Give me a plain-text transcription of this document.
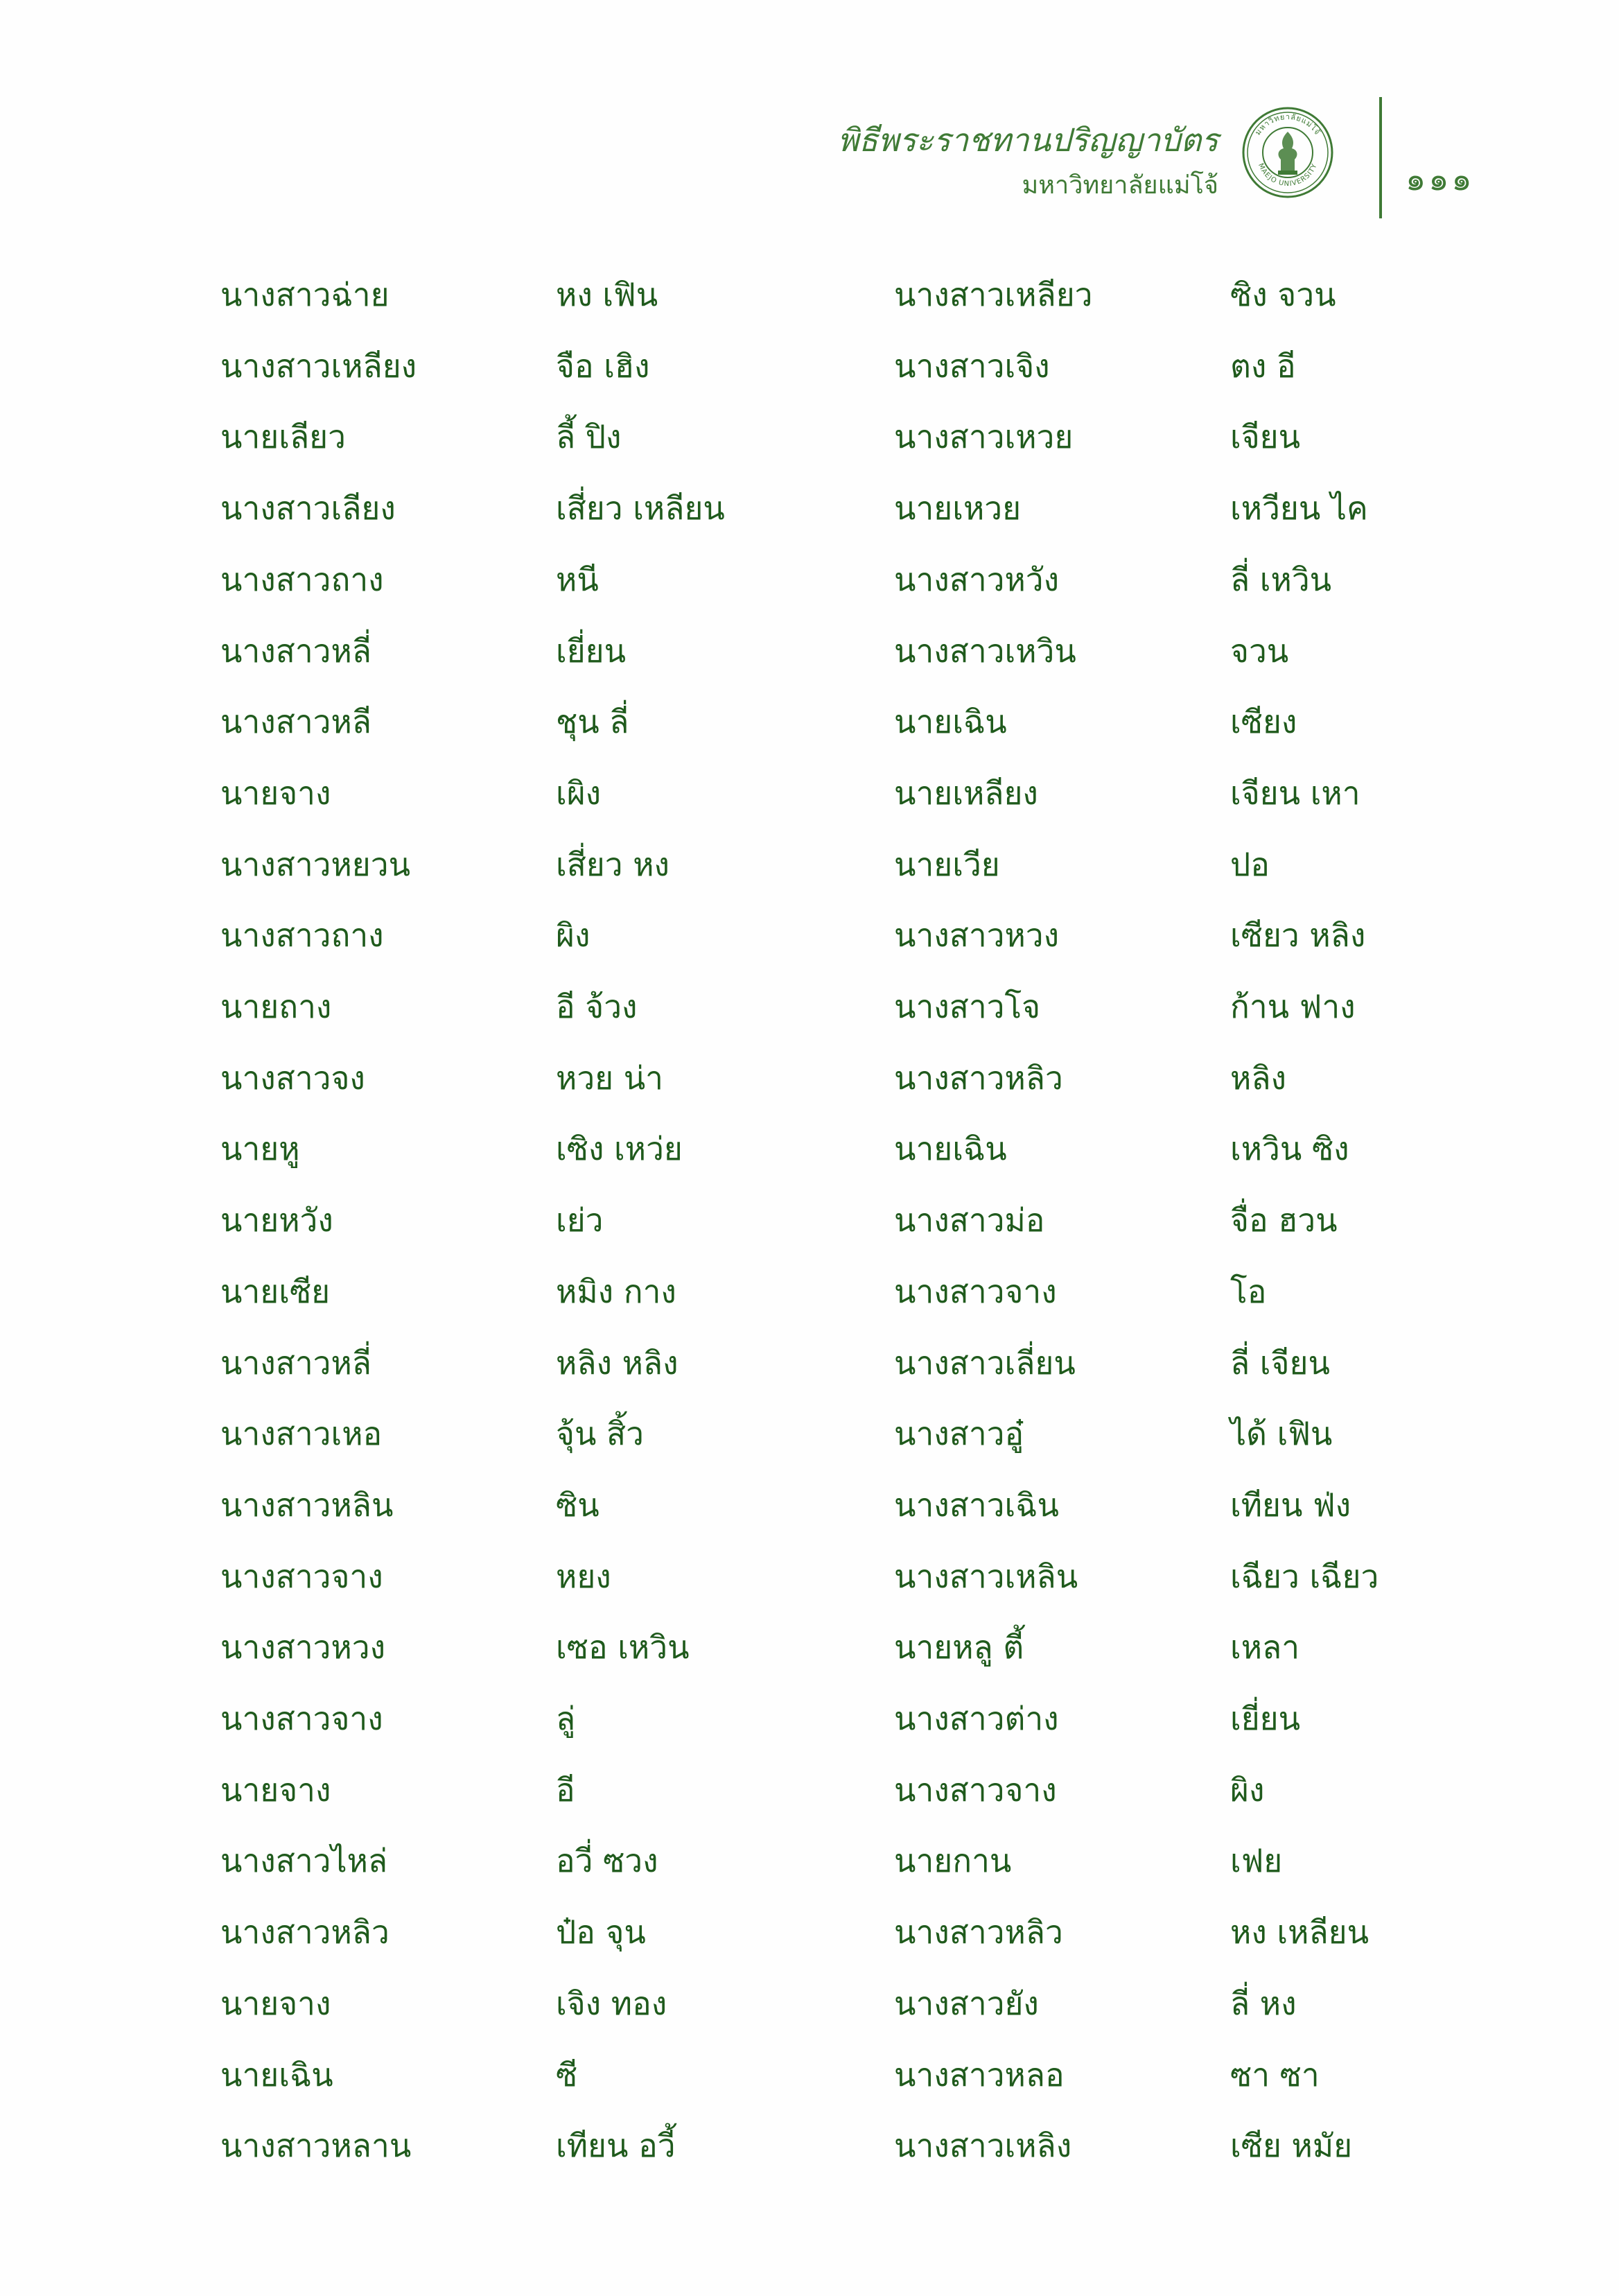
พิธีพระราชทานปริญญาบัตร
มหาวิทยาลัยแม่โจ้
มหาวิทยาลัยแม่โจ้
MAEJO UNIVERSITY	๑๑๑
นางสาวฉ่าย	หง เฟิน	นางสาวเหลียว	ซิง จวน
นางสาวเหลียง	จือ เฮิง	นางสาวเจิง	ตง อี
นายเลียว	ลี้ ปิง	นางสาวเหวย	เจียน
นางสาวเลียง	เสี่ยว เหลียน	นายเหวย	เหวียน ไค
นางสาวถาง	หนี	นางสาวหวัง	ลี่ เหวิน
นางสาวหลี่	เยี่ยน	นางสาวเหวิน	จวน
นางสาวหลี	ชุน ลี่	นายเฉิน	เซียง
นายจาง	เผิง	นายเหลียง	เจียน เหา
นางสาวหยวน	เสี่ยว หง	นายเวีย	ปอ
นางสาวถาง	ผิง	นางสาวหวง	เซียว หลิง
นายถาง	อี จ้วง	นางสาวโจ	ก้าน ฟาง
นางสาวจง	หวย น่า	นางสาวหลิว	หลิง
นายหู	เซิง เหว่ย	นายเฉิน	เหวิน ซิง
นายหวัง	เย่ว	นางสาวม่อ	จื่อ ฮวน
นายเซีย	หมิง กาง	นางสาวจาง	โอ
นางสาวหลี่	หลิง หลิง	นางสาวเลี่ยน	ลี่ เจียน
นางสาวเหอ	จุ้น สิ้ว	นางสาวอู๋	ได้ เฟิน
นางสาวหลิน	ซิน	นางสาวเฉิน	เทียน ฟ่ง
นางสาวจาง	หยง	นางสาวเหลิน	เฉียว เฉียว
นางสาวหวง	เซอ เหวิน	นายหลู ตี้	เหลา
นางสาวจาง	ลู่	นางสาวต่าง	เยี่ยน
นายจาง	อี	นางสาวจาง	ผิง
นางสาวไหล่	อวี่ ซวง	นายกาน	เฟย
นางสาวหลิว	ป๋อ จุน	นางสาวหลิว	หง เหลียน
นายจาง	เจิง ทอง	นางสาวยัง	ลี่ หง
นายเฉิน	ซี	นางสาวหลอ	ซา ซา
นางสาวหลาน	เทียน อวี้	นางสาวเหลิง	เซีย หมัย
